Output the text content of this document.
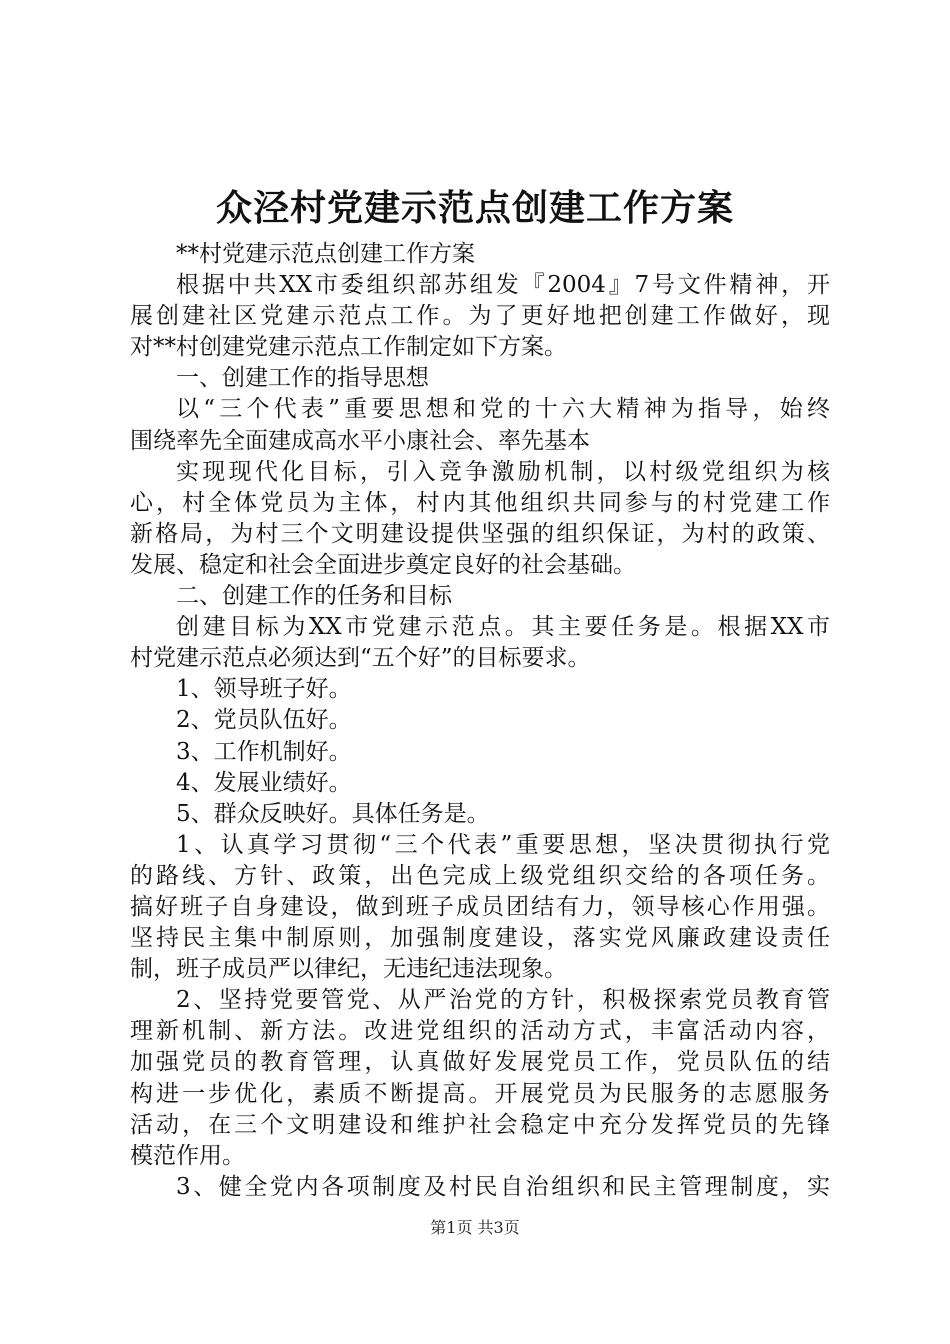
众泾村党建示范点创建工作方案

**村党建示范点创建工作方案

根据中共XX市委组织部苏组发『2004』7号文件精神，开

展创建社区党建示范点工作。为了更好地把创建工作做好，现

对**村创建党建示范点工作制定如下方案。

一、创建工作的指导思想

以“三个代表”重要思想和党的十六大精神为指导，始终

围绕率先全面建成高水平小康社会、率先基本

实现现代化目标，引入竞争激励机制，以村级党组织为核

心，村全体党员为主体，村内其他组织共同参与的村党建工作

新格局，为村三个文明建设提供坚强的组织保证，为村的政策、

发展、稳定和社会全面进步奠定良好的社会基础。

二、创建工作的任务和目标

创建目标为XX市党建示范点。其主要任务是。根据XX市

村党建示范点必须达到“五个好”的目标要求。

1、领导班子好。

2、党员队伍好。

3、工作机制好。

4、发展业绩好。

5、群众反映好。具体任务是。

1、认真学习贯彻“三个代表”重要思想，坚决贯彻执行党

的路线、方针、政策，出色完成上级党组织交给的各项任务。

搞好班子自身建设，做到班子成员团结有力，领导核心作用强。

坚持民主集中制原则，加强制度建设，落实党风廉政建设责任

制，班子成员严以律纪，无违纪违法现象。

2、坚持党要管党、从严治党的方针，积极探索党员教育管

理新机制、新方法。改进党组织的活动方式，丰富活动内容，

加强党员的教育管理，认真做好发展党员工作，党员队伍的结

构进一步优化，素质不断提高。开展党员为民服务的志愿服务

活动，在三个文明建设和维护社会稳定中充分发挥党员的先锋

模范作用。

3、健全党内各项制度及村民自治组织和民主管理制度，实

第1页 共3页
